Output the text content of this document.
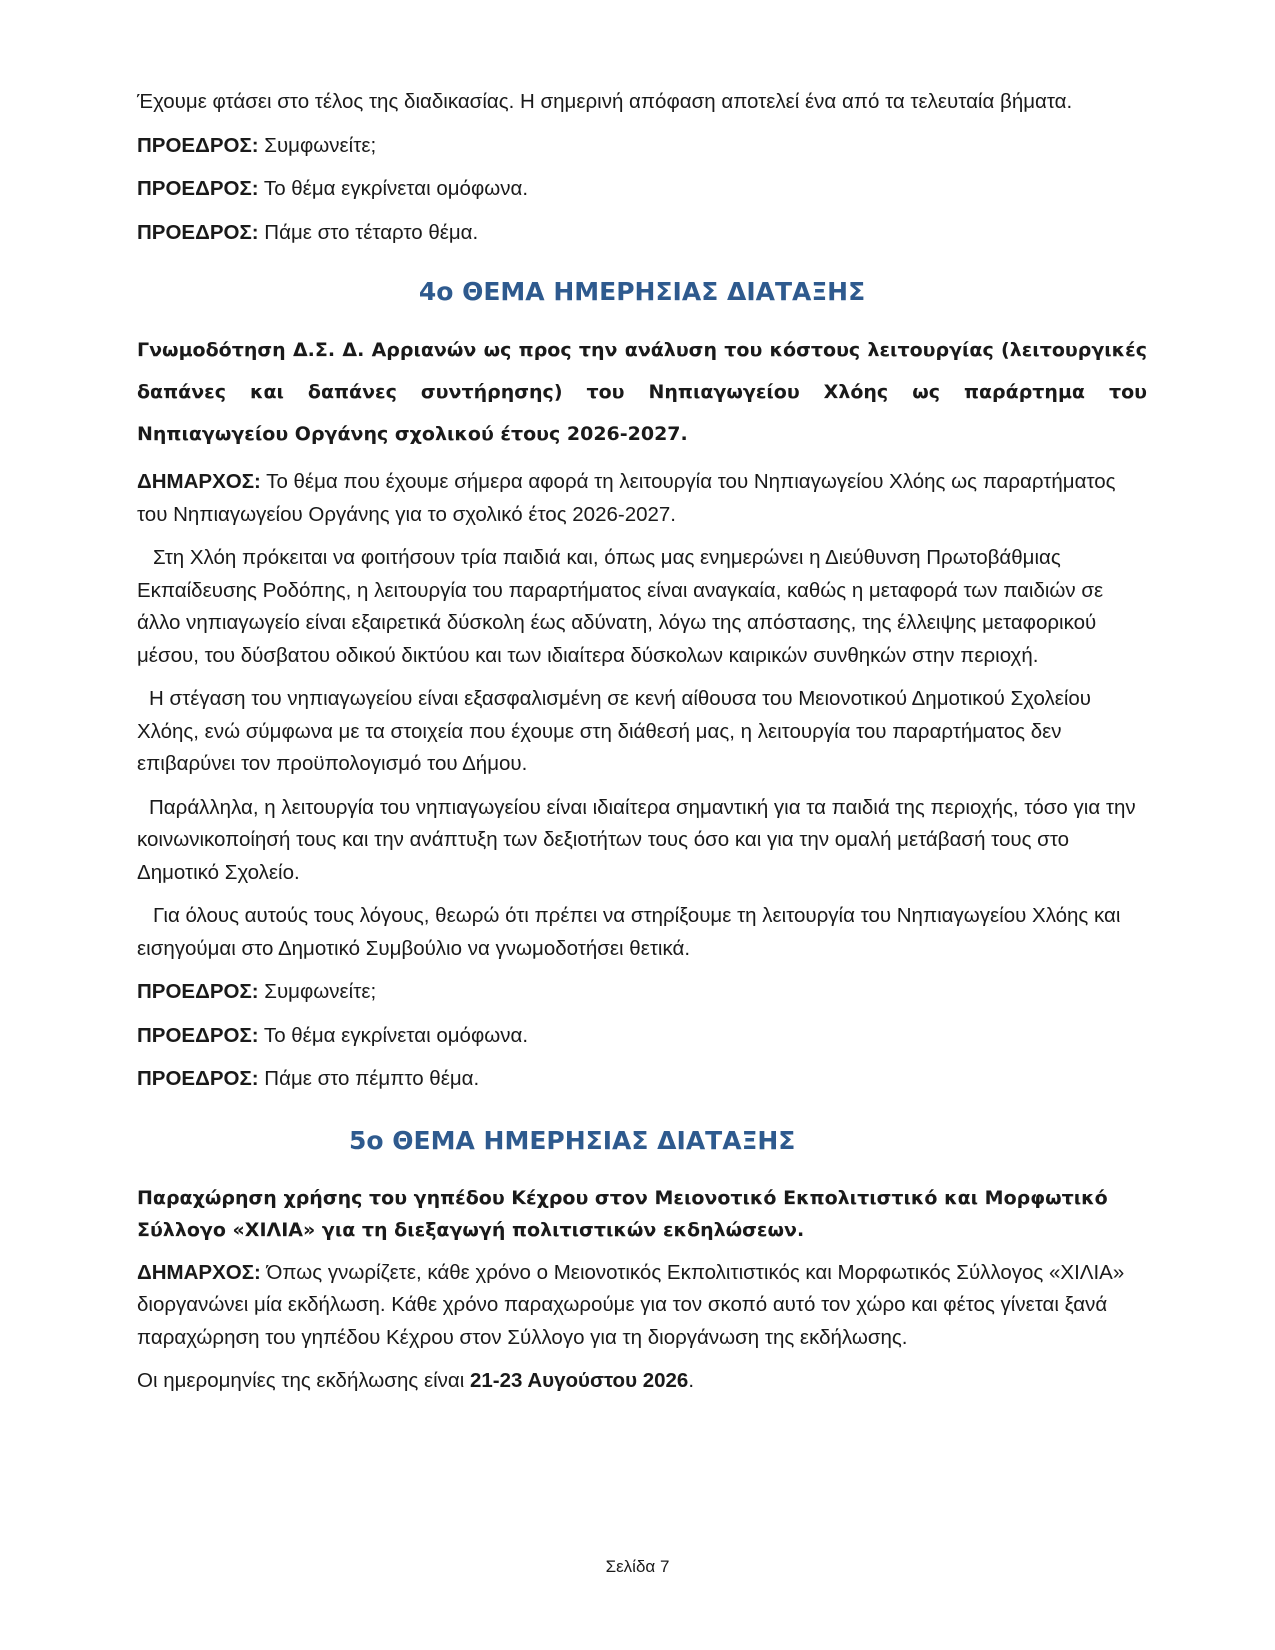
Έχουμε φτάσει στο τέλος της διαδικασίας. Η σημερινή απόφαση αποτελεί ένα από τα τελευταία βήματα.

ΠΡΟΕΔΡΟΣ: Συμφωνείτε;

ΠΡΟΕΔΡΟΣ: Το θέμα εγκρίνεται ομόφωνα.

ΠΡΟΕΔΡΟΣ: Πάμε στο τέταρτο θέμα.

4ο ΘΕΜΑ ΗΜΕΡΗΣΙΑΣ ΔΙΑΤΑΞΗΣ

Γνωμοδότηση Δ.Σ. Δ. Αρριανών ως προς την ανάλυση του κόστους λειτουργίας (λειτουργικές δαπάνες και δαπάνες συντήρησης) του Νηπιαγωγείου Χλόης ως παράρτημα του Νηπιαγωγείου Οργάνης σχολικού έτους 2026-2027.

ΔΗΜΑΡΧΟΣ: Το θέμα που έχουμε σήμερα αφορά τη λειτουργία του Νηπιαγωγείου Χλόης ως παραρτήματος του Νηπιαγωγείου Οργάνης για το σχολικό έτος 2026-2027.

Στη Χλόη πρόκειται να φοιτήσουν τρία παιδιά και, όπως μας ενημερώνει η Διεύθυνση Πρωτοβάθμιας Εκπαίδευσης Ροδόπης, η λειτουργία του παραρτήματος είναι αναγκαία, καθώς η μεταφορά των παιδιών σε άλλο νηπιαγωγείο είναι εξαιρετικά δύσκολη έως αδύνατη, λόγω της απόστασης, της έλλειψης μεταφορικού μέσου, του δύσβατου οδικού δικτύου και των ιδιαίτερα δύσκολων καιρικών συνθηκών στην περιοχή.

Η στέγαση του νηπιαγωγείου είναι εξασφαλισμένη σε κενή αίθουσα του Μειονοτικού Δημοτικού Σχολείου Χλόης, ενώ σύμφωνα με τα στοιχεία που έχουμε στη διάθεσή μας, η λειτουργία του παραρτήματος δεν επιβαρύνει τον προϋπολογισμό του Δήμου.

Παράλληλα, η λειτουργία του νηπιαγωγείου είναι ιδιαίτερα σημαντική για τα παιδιά της περιοχής, τόσο για την κοινωνικοποίησή τους και την ανάπτυξη των δεξιοτήτων τους όσο και για την ομαλή μετάβασή τους στο Δημοτικό Σχολείο.

Για όλους αυτούς τους λόγους, θεωρώ ότι πρέπει να στηρίξουμε τη λειτουργία του Νηπιαγωγείου Χλόης και εισηγούμαι στο Δημοτικό Συμβούλιο να γνωμοδοτήσει θετικά.

ΠΡΟΕΔΡΟΣ: Συμφωνείτε;

ΠΡΟΕΔΡΟΣ: Το θέμα εγκρίνεται ομόφωνα.

ΠΡΟΕΔΡΟΣ: Πάμε στο πέμπτο θέμα.

5ο ΘΕΜΑ ΗΜΕΡΗΣΙΑΣ ΔΙΑΤΑΞΗΣ

Παραχώρηση χρήσης του γηπέδου Κέχρου στον Μειονοτικό Εκπολιτιστικό και Μορφωτικό Σύλλογο «ΧΙΛΙΑ» για τη διεξαγωγή πολιτιστικών εκδηλώσεων.

ΔΗΜΑΡΧΟΣ: Όπως γνωρίζετε, κάθε χρόνο ο Μειονοτικός Εκπολιτιστικός και Μορφωτικός Σύλλογος «ΧΙΛΙΑ» διοργανώνει μία εκδήλωση. Κάθε χρόνο παραχωρούμε για τον σκοπό αυτό τον χώρο και φέτος γίνεται ξανά παραχώρηση του γηπέδου Κέχρου στον Σύλλογο για τη διοργάνωση της εκδήλωσης.

Οι ημερομηνίες της εκδήλωσης είναι 21-23 Αυγούστου 2026.

Σελίδα 7
